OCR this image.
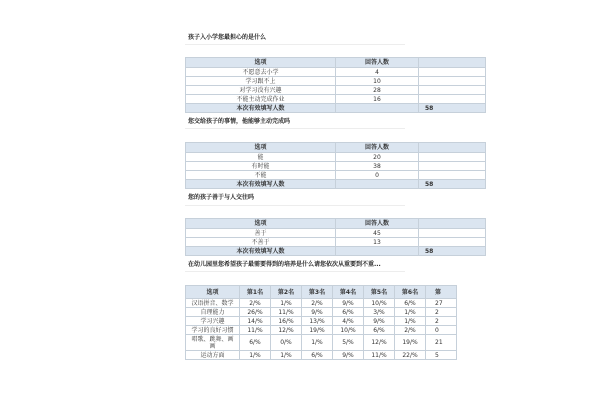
孩子入小学您最担心的是什么
选项	回答人数	
不愿意去小学	4	
学习跟不上	10	
对学习没有兴趣	28	
不能主动完成作业	16	
本次有效填写人数		58
您交给孩子的事情，他能够主动完成吗
选项	回答人数	
能	20	
有时能	38	
不能	0	
本次有效填写人数		58
您的孩子善于与人交往吗
选项	回答人数	
善于	45	
不善于	13	
本次有效填写人数		58
在幼儿园里您希望孩子最需要得到的培养是什么请您依次从重要到不重...
选项	第1名	第2名	第3名	第4名	第5名	第6名	第
汉语拼音、数学	2/%	1/%	2/%	9/%	10/%	6/%	27
自理能力	26/%	11/%	9/%	6/%	3/%	1/%	2
学习兴趣	14/%	16/%	13/%	4/%	9/%	1/%	2
学习的良好习惯	11/%	12/%	19/%	10/%	6/%	2/%	0
唱歌、跳舞、画画	6/%	0/%	1/%	5/%	12/%	19/%	21
运动方面	1/%	1/%	6/%	9/%	11/%	22/%	5
